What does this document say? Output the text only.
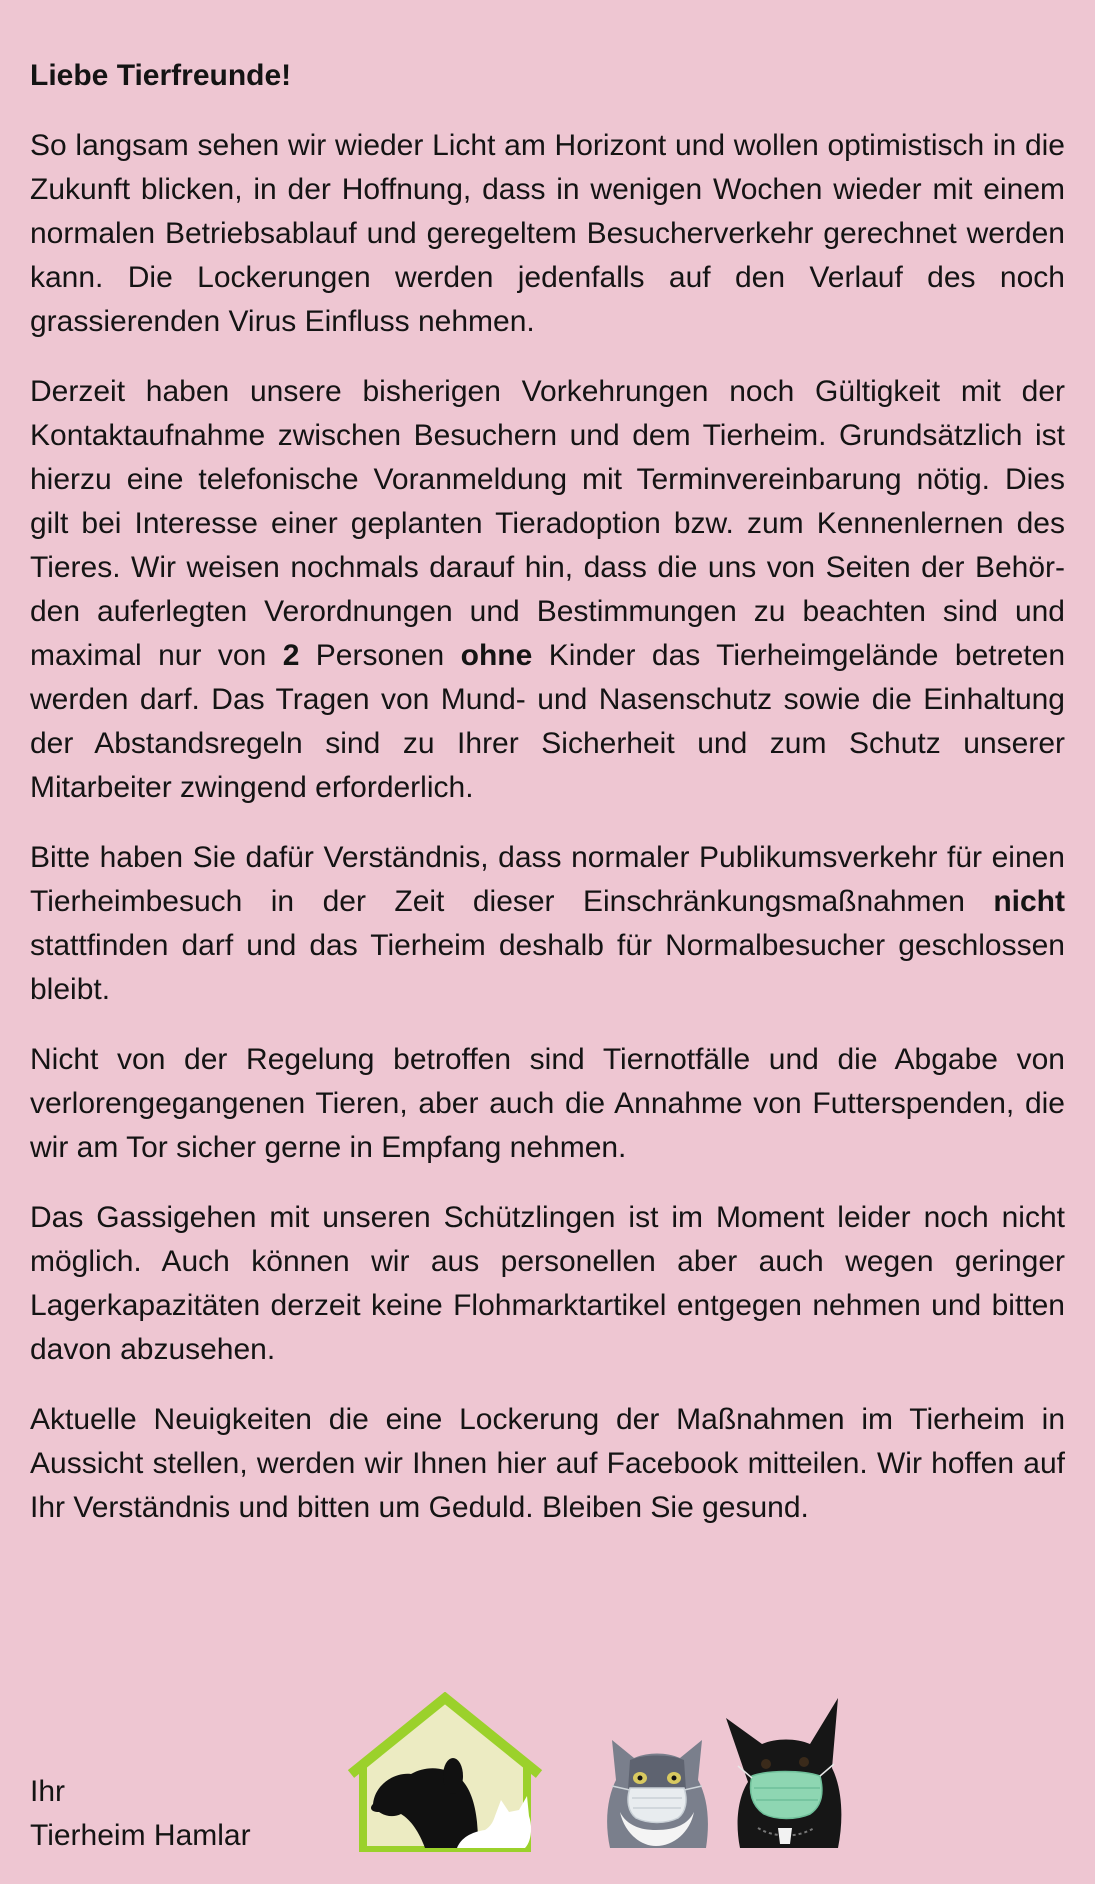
Liebe Tierfreunde!

So langsam sehen wir wieder Licht am Horizont und wollen optimistisch in die Zukunft blicken, in der Hoffnung, dass in wenigen Wochen wieder mit einem normalen Betriebsablauf und geregeltem Besucherverkehr gerechnet werden kann. Die Lockerungen werden jedenfalls auf den Verlauf des noch grassierenden Virus Einfluss nehmen.

Derzeit haben unsere bisherigen Vorkehrungen noch Gültigkeit mit der Kontaktaufnahme zwischen Besuchern und dem Tierheim. Grundsätzlich ist hierzu eine telefonische Voranmeldung mit Terminvereinbarung nötig. Dies gilt bei Interesse einer geplanten Tieradoption bzw. zum Kennenlernen des Tieres. Wir weisen nochmals darauf hin, dass die uns von Seiten der Behörden auferlegten Verordnungen und Bestimmungen zu beachten sind und maximal nur von 2 Personen ohne Kinder das Tierheimgelände betreten werden darf. Das Tragen von Mund- und Nasenschutz sowie die Einhaltung der Abstandsregeln sind zu Ihrer Sicherheit und zum Schutz unserer Mitarbeiter zwingend erforderlich.

Bitte haben Sie dafür Verständnis, dass normaler Publikumsverkehr für einen Tierheimbesuch in der Zeit dieser Einschränkungsmaßnahmen nicht stattfinden darf und das Tierheim deshalb für Normalbesucher geschlossen bleibt.

Nicht von der Regelung betroffen sind Tiernotfälle und die Abgabe von verlorengegangenen Tieren, aber auch die Annahme von Futterspenden, die wir am Tor sicher gerne in Empfang nehmen.

Das Gassigehen mit unseren Schützlingen ist im Moment leider noch nicht möglich. Auch können wir aus personellen aber auch wegen geringer Lagerkapazitäten derzeit keine Flohmarktartikel entgegen nehmen und bitten davon abzusehen.

Aktuelle Neuigkeiten die eine Lockerung der Maßnahmen im Tierheim in Aussicht stellen, werden wir Ihnen hier auf Facebook mitteilen. Wir hoffen auf Ihr Verständnis und bitten um Geduld. Bleiben Sie gesund.

Ihr
Tierheim Hamlar
